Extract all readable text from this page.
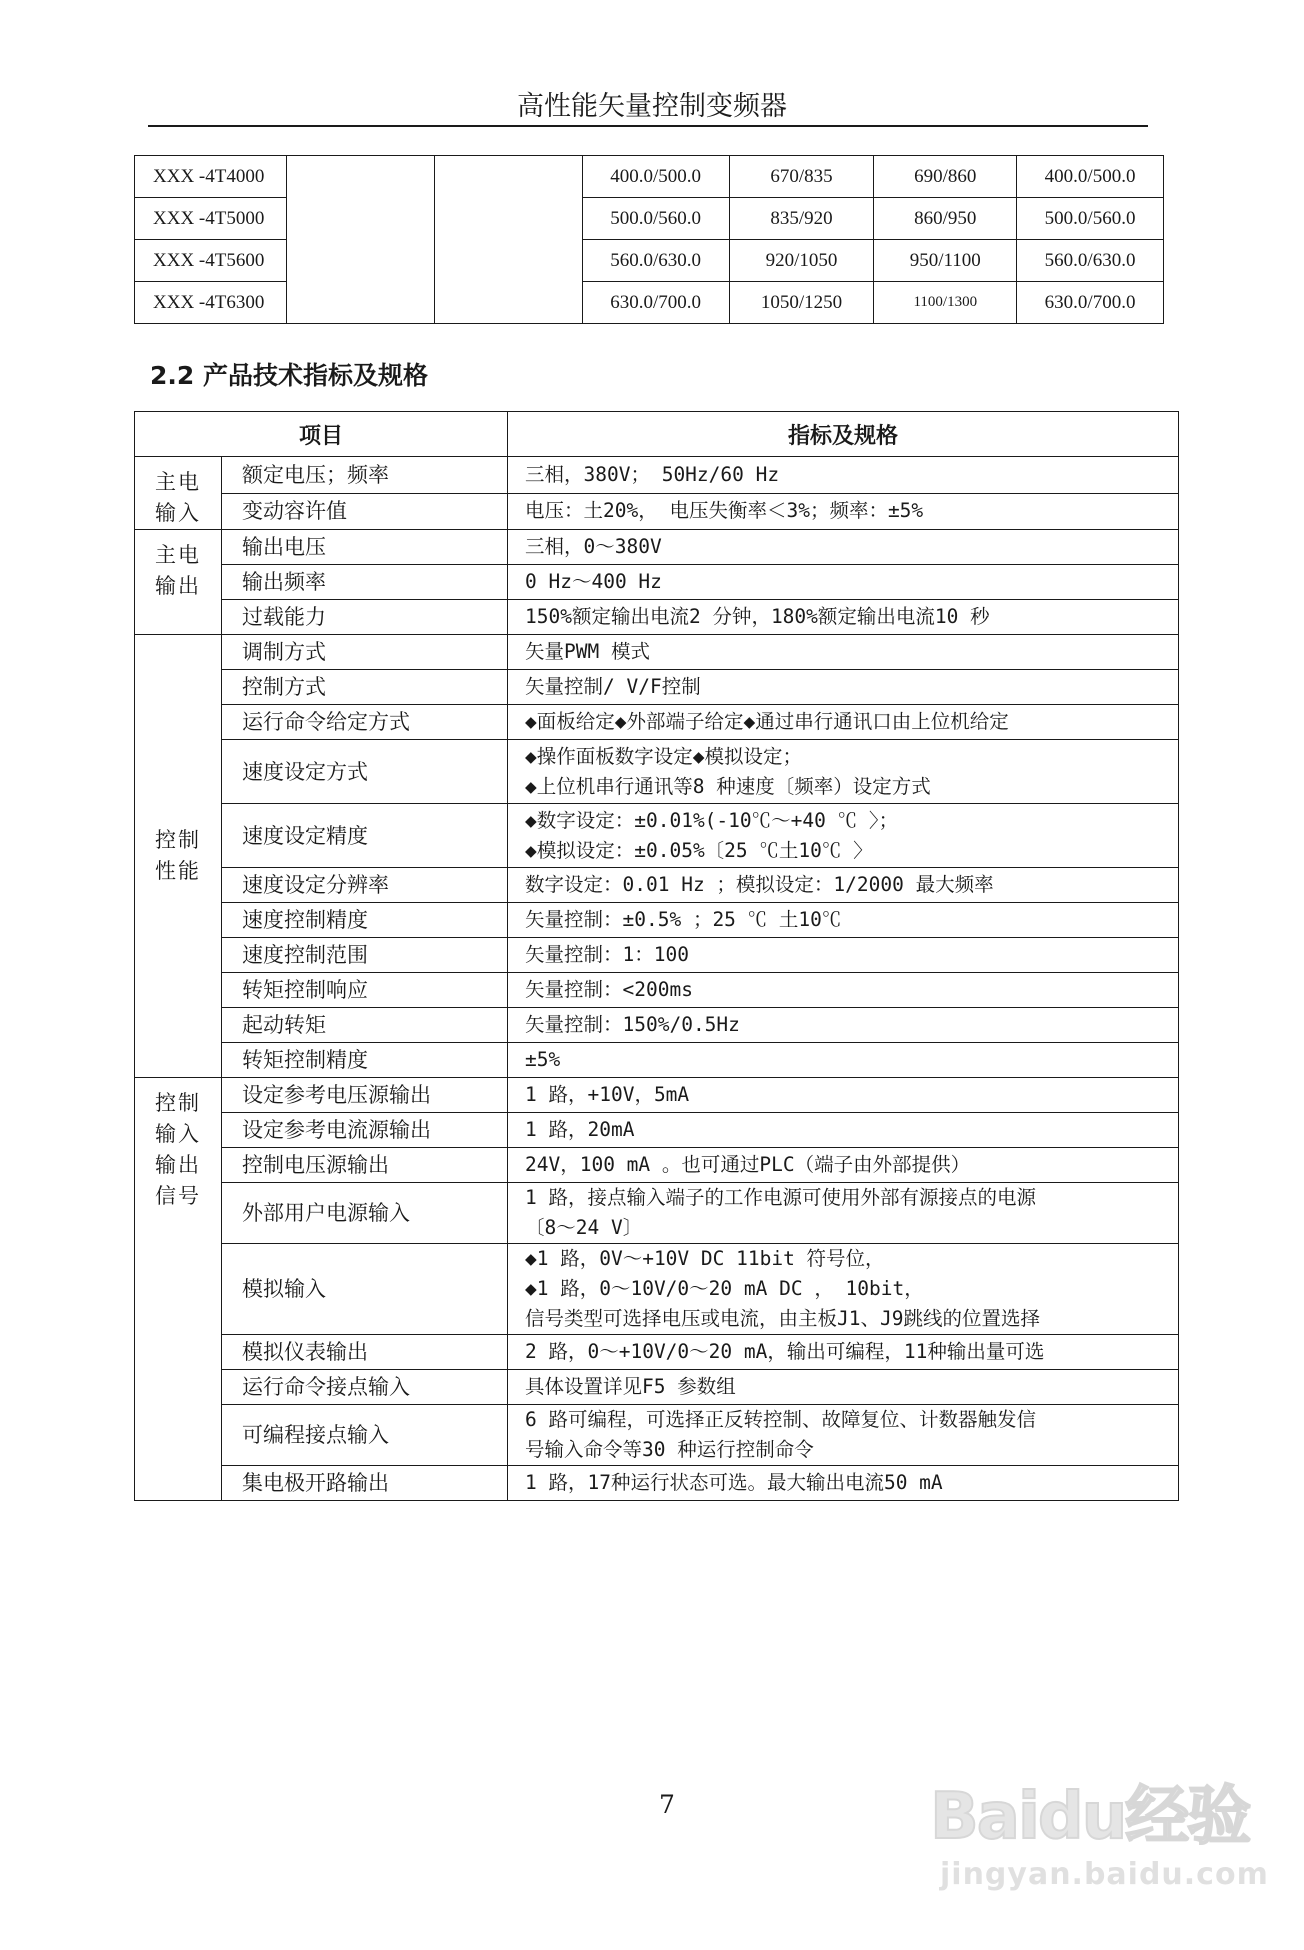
高性能矢量控制变频器
XXX -4T4000			400.0/500.0	670/835	690/860	400.0/500.0
XXX -4T5000			500.0/560.0	835/920	860/950	500.0/560.0
XXX -4T5600			560.0/630.0	920/1050	950/1100	560.0/630.0
XXX -4T6300			630.0/700.0	1050/1250	1100/1300	630.0/700.0
2.2 产品技术指标及规格
项目		指标及规格

主电
输入	额定电压；频率	三相，380V； 50Hz/60 Hz

	变动容许值	电压：土20%， 电压失衡率＜3%；频率：±5%

主电
输出	输出电压	三相，0～380V

	输出频率	0 Hz～400 Hz

	过载能力	150%额定输出电流2 分钟，180%额定输出电流10 秒

控制
性能	调制方式	矢量PWM 模式

	控制方式	矢量控制/ V/F控制

	运行命令给定方式	◆面板给定◆外部端子给定◆通过串行通讯口由上位机给定

	速度设定方式	◆操作面板数字设定◆模拟设定；
◆上位机串行通讯等8 种速度〔频率）设定方式

	速度设定精度	◆数字设定：±0.01%(-10℃～+40 ℃ 〉；
◆模拟设定：±0.05%〔25 ℃土10℃ 〉

	速度设定分辨率	数字设定：0.01 Hz ；模拟设定：1/2000 最大频率

	速度控制精度	矢量控制：±0.5% ；25 ℃ 土10℃

	速度控制范围	矢量控制：1：100

	转矩控制响应	矢量控制：<200ms

	起动转矩	矢量控制：150%/0.5Hz

	转矩控制精度	±5%

控制
输入
输出
信号	设定参考电压源输出	1 路，+10V，5mA

	设定参考电流源输出	1 路，20mA

	控制电压源输出	24V，100 mA 。也可通过PLC（端子由外部提供）

	外部用户电源输入	1 路，接点输入端子的工作电源可使用外部有源接点的电源
〔8～24 V〕

	模拟输入	◆1 路，0V～+10V DC 11bit 符号位，
◆1 路，0～10V/0～20 mA DC ， 10bit，
信号类型可选择电压或电流，由主板J1、J9跳线的位置选择

	模拟仪表输出	2 路，0～+10V/0～20 mA，输出可编程，11种输出量可选

	运行命令接点输入	具体设置详见F5 参数组

	可编程接点输入	6 路可编程，可选择正反转控制、故障复位、计数器触发信
号输入命令等30 种运行控制命令

	集电极开路输出	1 路，17种运行状态可选。最大输出电流50 mA
7	Baidu经验
jingyan.baidu.com
